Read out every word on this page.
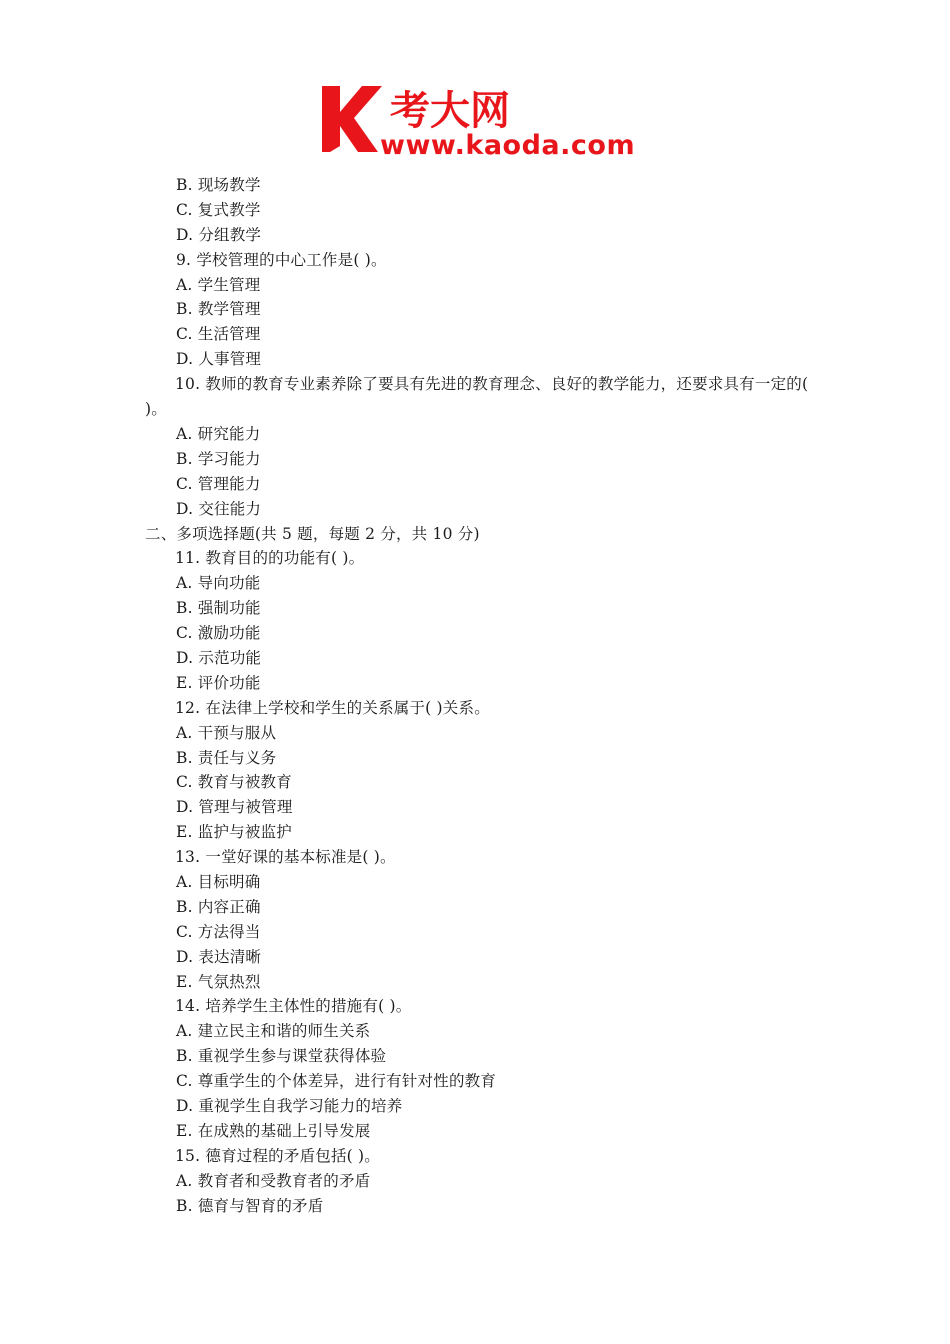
考大网
www.kaoda.com
B. 现场教学
C. 复式教学
D. 分组教学
9. 学校管理的中心工作是( )。
A. 学生管理
B. 教学管理
C. 生活管理
D. 人事管理
10. 教师的教育专业素养除了要具有先进的教育理念、良好的教学能力，还要求具有一定的( )。
A. 研究能力
B. 学习能力
C. 管理能力
D. 交往能力
二、多项选择题(共 5 题，每题 2 分，共 10 分)
11. 教育目的的功能有( )。
A. 导向功能
B. 强制功能
C. 激励功能
D. 示范功能
E. 评价功能
12. 在法律上学校和学生的关系属于( )关系。
A. 干预与服从
B. 责任与义务
C. 教育与被教育
D. 管理与被管理
E. 监护与被监护
13. 一堂好课的基本标准是( )。
A. 目标明确
B. 内容正确
C. 方法得当
D. 表达清晰
E. 气氛热烈
14. 培养学生主体性的措施有( )。
A. 建立民主和谐的师生关系
B. 重视学生参与课堂获得体验
C. 尊重学生的个体差异，进行有针对性的教育
D. 重视学生自我学习能力的培养
E. 在成熟的基础上引导发展
15. 德育过程的矛盾包括( )。
A. 教育者和受教育者的矛盾
B. 德育与智育的矛盾
